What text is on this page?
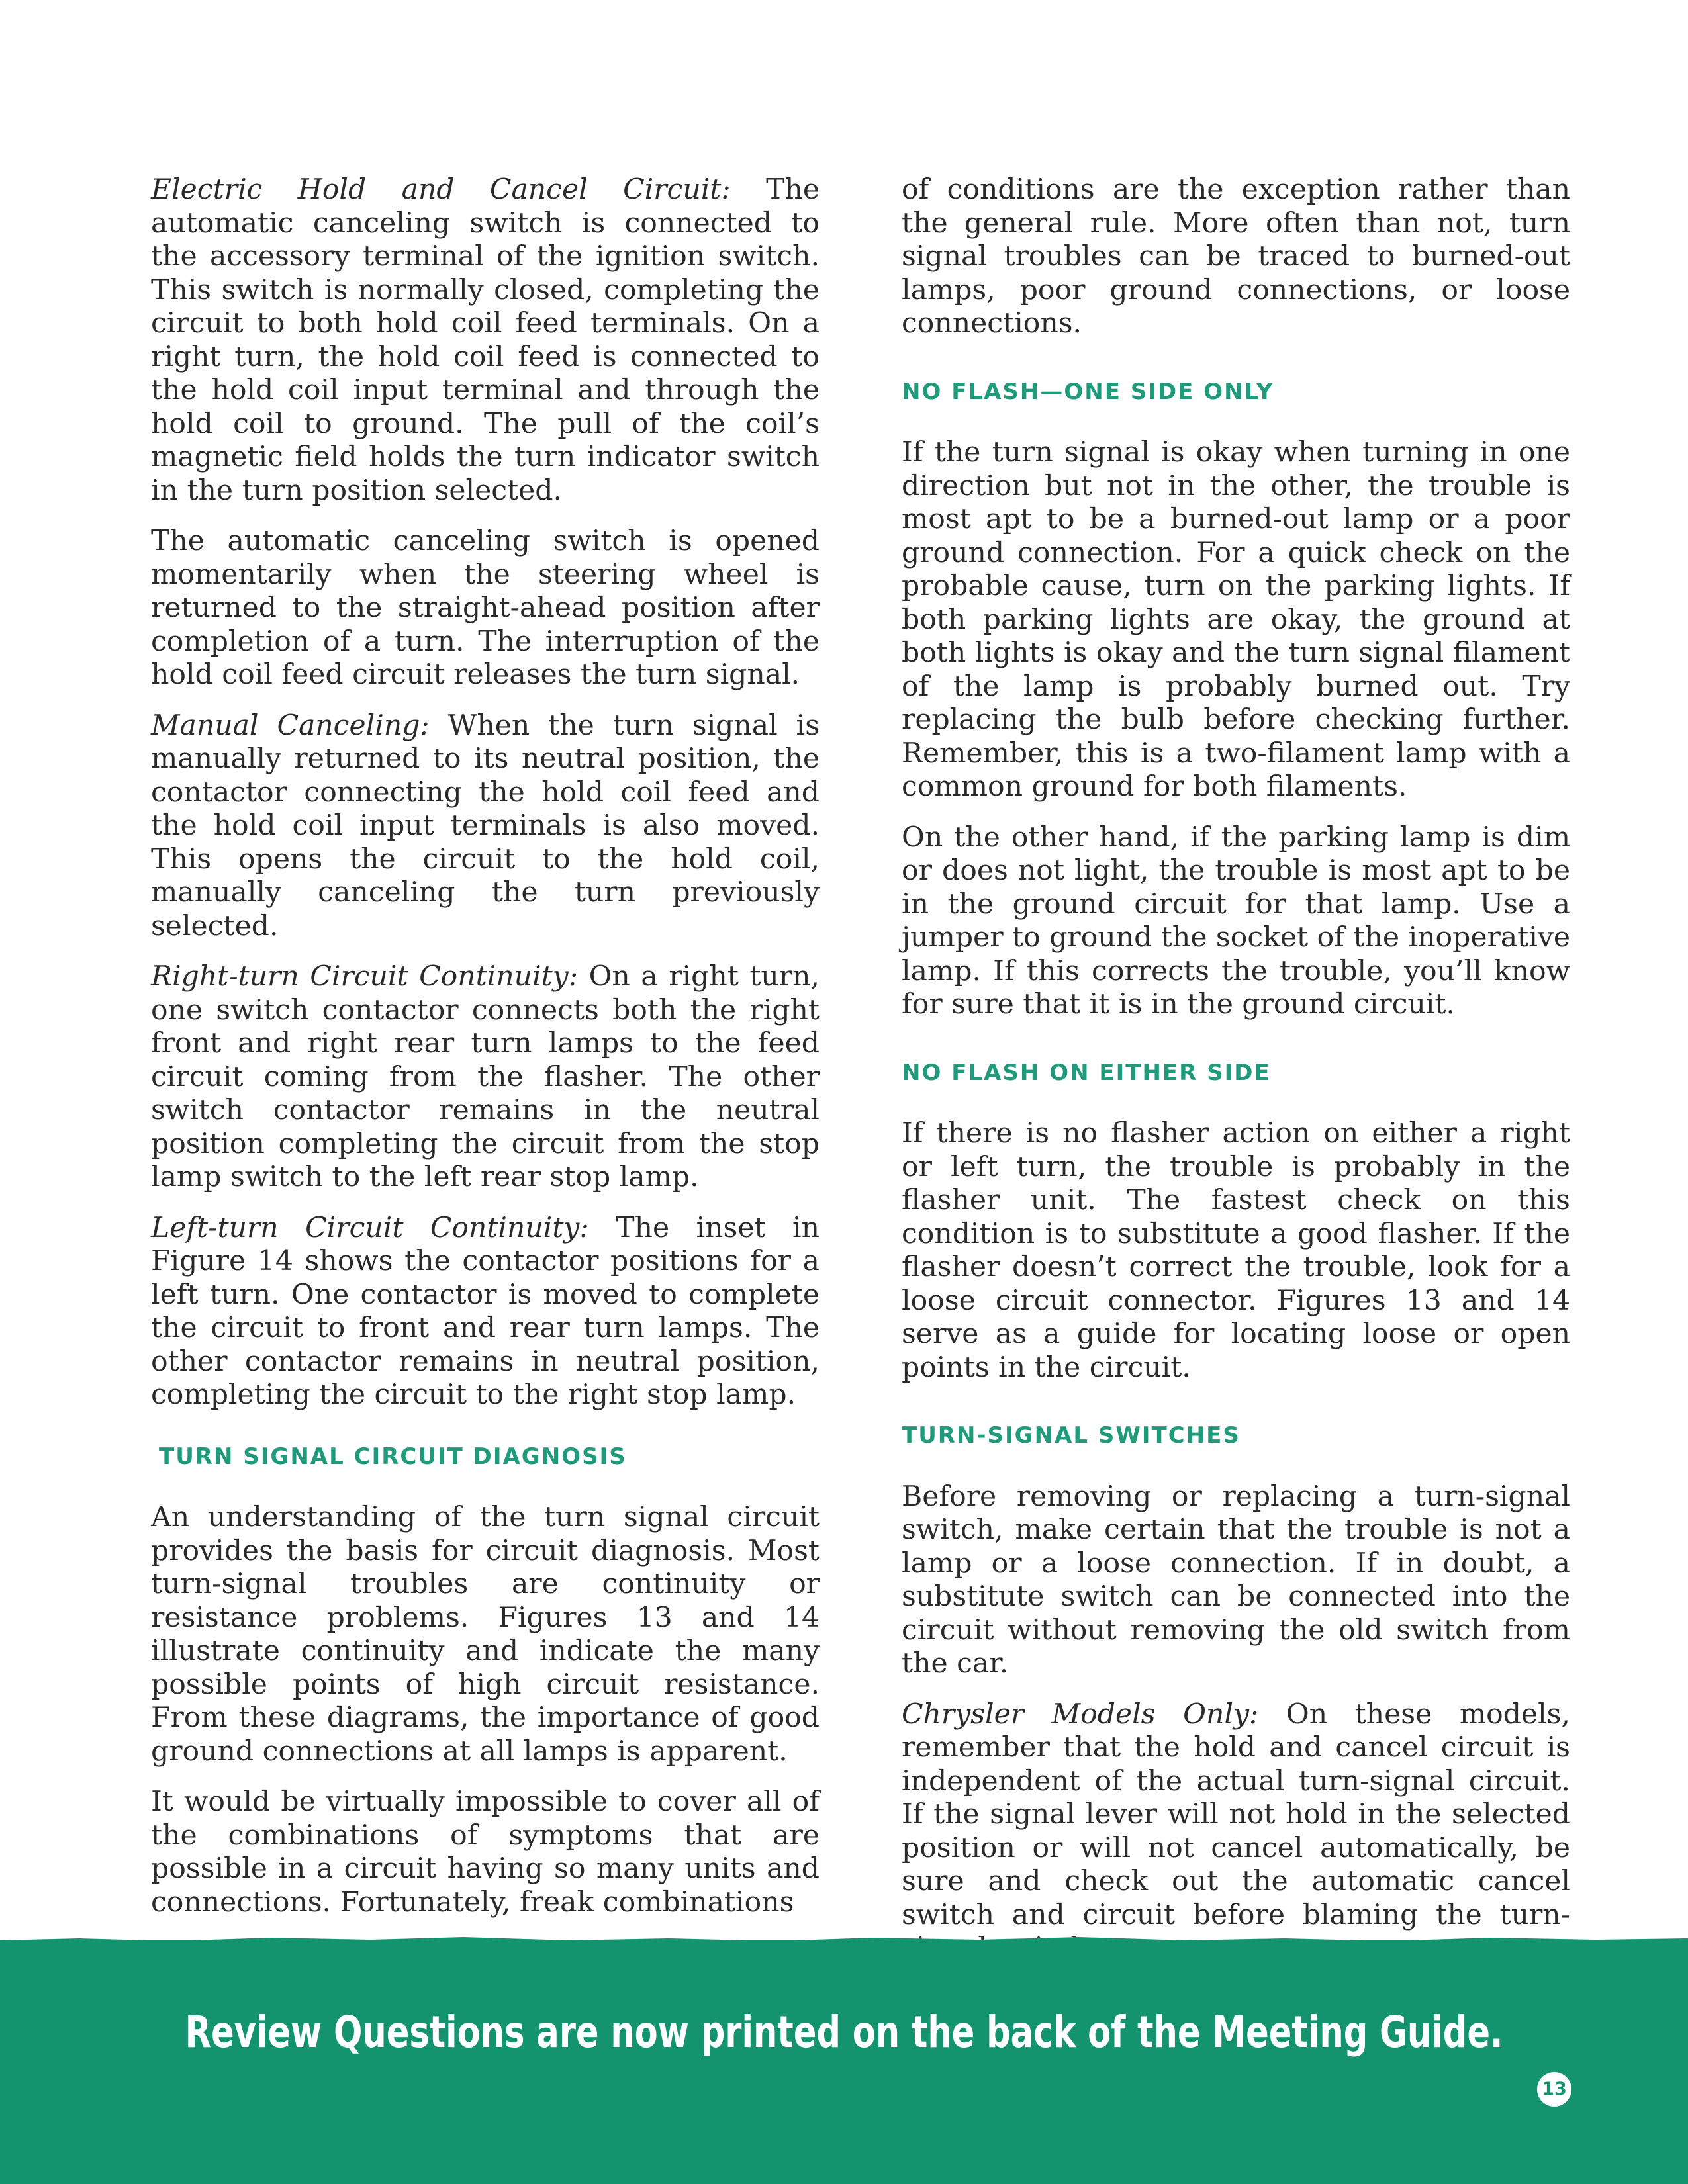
Electric Hold and Cancel Circuit: The automatic canceling switch is connected to the accessory terminal of the ignition switch. This switch is normally closed, completing the circuit to both hold coil feed terminals. On a right turn, the hold coil feed is connected to the hold coil input terminal and through the hold coil to ground. The pull of the coil’s magnetic field holds the turn indicator switch in the turn position selected.

The automatic canceling switch is opened momentarily when the steering wheel is returned to the straight-ahead position after completion of a turn. The interruption of the hold coil feed circuit releases the turn signal.

Manual Canceling: When the turn signal is manually returned to its neutral position, the contactor connecting the hold coil feed and the hold coil input terminals is also moved. This opens the circuit to the hold coil, manually canceling the turn previously selected.

Right-turn Circuit Continuity: On a right turn, one switch contactor connects both the right front and right rear turn lamps to the feed circuit coming from the flasher. The other switch contactor remains in the neutral position completing the circuit from the stop lamp switch to the left rear stop lamp.

Left-turn Circuit Continuity: The inset in Figure 14 shows the contactor positions for a left turn. One contactor is moved to complete the circuit to front and rear turn lamps. The other contactor remains in neutral position, completing the circuit to the right stop lamp.

TURN SIGNAL CIRCUIT DIAGNOSIS

An understanding of the turn signal circuit provides the basis for circuit diagnosis. Most turn-signal troubles are continuity or resistance problems. Figures 13 and 14 illustrate continuity and indicate the many possible points of high circuit resistance. From these diagrams, the importance of good ground connections at all lamps is apparent.

It would be virtually impossible to cover all of the combinations of symptoms that are possible in a circuit having so many units and connections. Fortunately, freak combinations

of conditions are the exception rather than the general rule. More often than not, turn signal troubles can be traced to burned-out lamps, poor ground connections, or loose connections.

NO FLASH—ONE SIDE ONLY

If the turn signal is okay when turning in one direction but not in the other, the trouble is most apt to be a burned-out lamp or a poor ground connection. For a quick check on the probable cause, turn on the parking lights. If both parking lights are okay, the ground at both lights is okay and the turn signal filament of the lamp is probably burned out. Try replacing the bulb before checking further. Remember, this is a two-filament lamp with a common ground for both filaments.

On the other hand, if the parking lamp is dim or does not light, the trouble is most apt to be in the ground circuit for that lamp. Use a jumper to ground the socket of the inoperative lamp. If this corrects the trouble, you’ll know for sure that it is in the ground circuit.

NO FLASH ON EITHER SIDE

If there is no flasher action on either a right or left turn, the trouble is probably in the flasher unit. The fastest check on this condition is to substitute a good flasher. If the flasher doesn’t correct the trouble, look for a loose circuit connector. Figures 13 and 14 serve as a guide for locating loose or open points in the circuit.

TURN-SIGNAL SWITCHES

Before removing or replacing a turn-signal switch, make certain that the trouble is not a lamp or a loose connection. If in doubt, a substitute switch can be connected into the circuit without removing the old switch from the car.

Chrysler Models Only: On these models, remember that the hold and cancel circuit is independent of the actual turn-signal circuit. If the signal lever will not hold in the selected position or will not cancel automatically, be sure and check out the automatic cancel switch and circuit before blaming the turn-

Review Questions are now printed on the back of the Meeting Guide.
13
